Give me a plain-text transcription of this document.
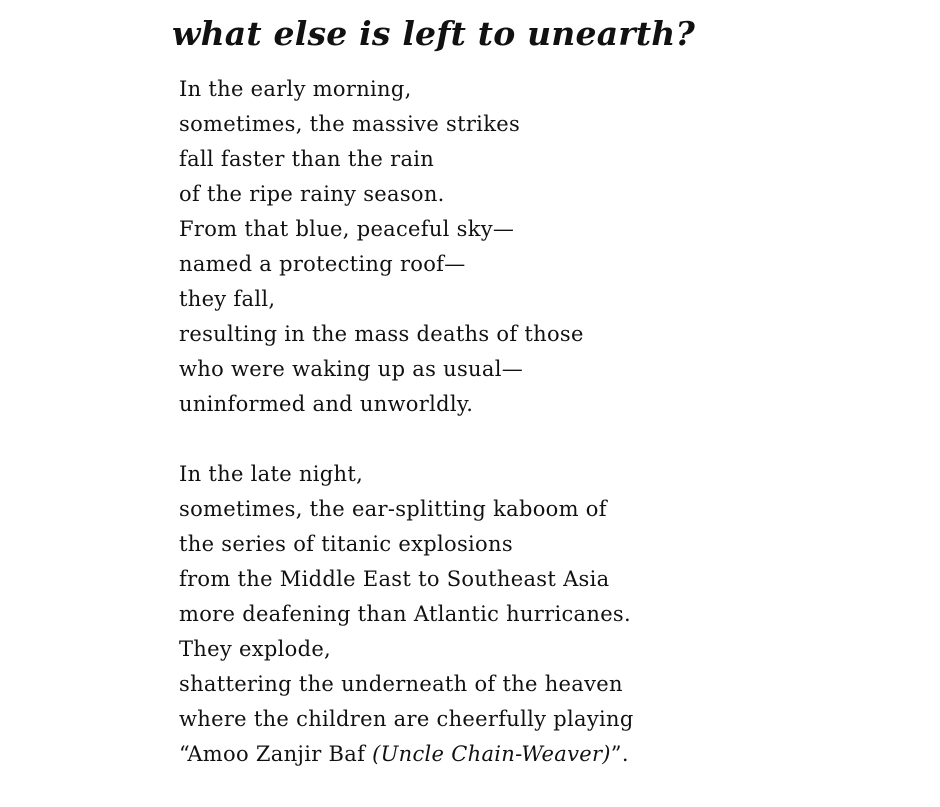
what else is left to unearth?
In the early morning,
sometimes, the massive strikes
fall faster than the rain
of the ripe rainy season.
From that blue, peaceful sky—
named a protecting roof—
they fall,
resulting in the mass deaths of those
who were waking up as usual—
uninformed and unworldly.
In the late night,
sometimes, the ear-splitting kaboom of
the series of titanic explosions
from the Middle East to Southeast Asia
more deafening than Atlantic hurricanes.
They explode,
shattering the underneath of the heaven
where the children are cheerfully playing
“Amoo Zanjir Baf (Uncle Chain-Weaver)”.
